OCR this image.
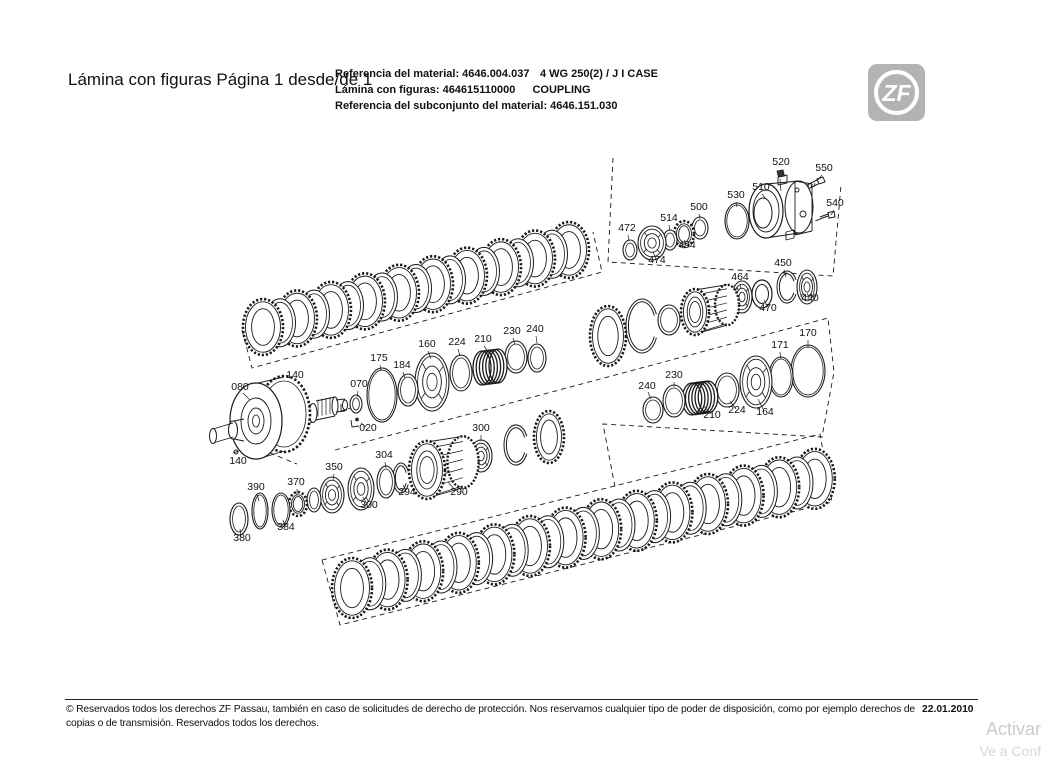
Lámina con figuras Página 1 desde/de 1
Referencia del material: 4646.004.037 4 WG 250(2) / J I CASE
Lámina con figuras: 464615110000 COUPLING
Referencia del subconjunto del material: 4646.151.030	ZF
080
140
140
070
020
175
184
160 224 210
230 240
390 370
384
380
350
300
304
294	290
300
472
474
514
494
500
530
510
520 550
540
464
470
450
440
240
230
210 224 164
171
170
© Reservados todos los derechos ZF Passau, también en caso de solicitudes de derecho de protección. Nos reservamos cualquier tipo de poder de disposición, como por ejemplo derechos de 22.01.2010
copias o de transmisión. Reservados todos los derechos.	Activar
Ve a Conf
